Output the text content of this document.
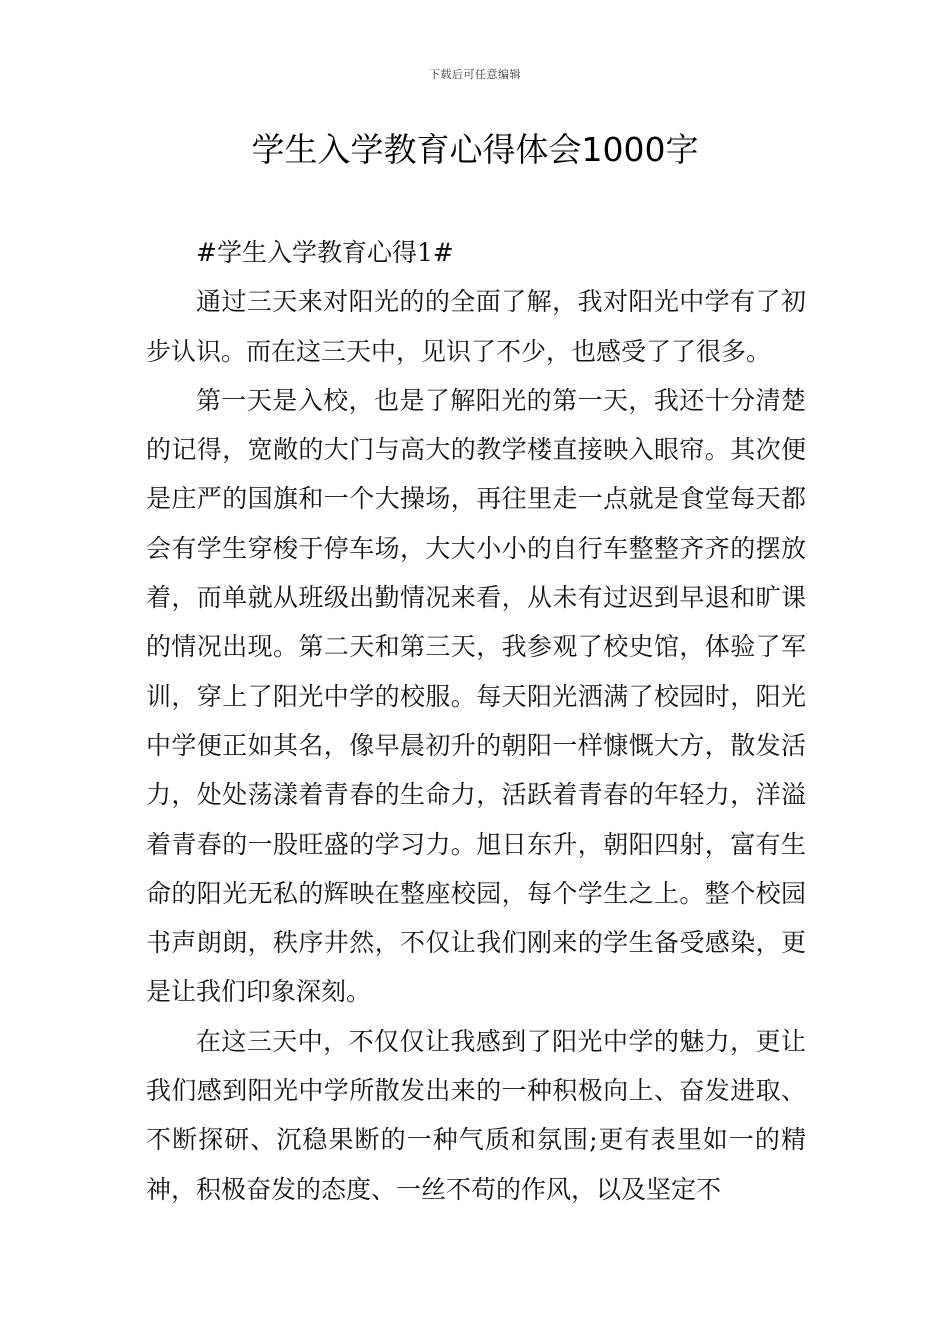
下载后可任意编辑
学生入学教育心得体会1000字

#学生入学教育心得1#

通过三天来对阳光的的全面了解，我对阳光中学有了初步认识。而在这三天中，见识了不少，也感受了了很多。

第一天是入校，也是了解阳光的第一天，我还十分清楚的记得，宽敞的大门与高大的教学楼直接映入眼帘。其次便是庄严的国旗和一个大操场，再往里走一点就是食堂每天都会有学生穿梭于停车场，大大小小的自行车整整齐齐的摆放着，而单就从班级出勤情况来看，从未有过迟到早退和旷课的情况出现。第二天和第三天，我参观了校史馆，体验了军训，穿上了阳光中学的校服。每天阳光洒满了校园时，阳光中学便正如其名，像早晨初升的朝阳一样慷慨大方，散发活力，处处荡漾着青春的生命力，活跃着青春的年轻力，洋溢着青春的一股旺盛的学习力。旭日东升，朝阳四射，富有生命的阳光无私的辉映在整座校园，每个学生之上。整个校园书声朗朗，秩序井然，不仅让我们刚来的学生备受感染，更是让我们印象深刻。

在这三天中，不仅仅让我感到了阳光中学的魅力，更让我们感到阳光中学所散发出来的一种积极向上、奋发进取、不断探研、沉稳果断的一种气质和氛围;更有表里如一的精神，积极奋发的态度、一丝不苟的作风，以及坚定不
